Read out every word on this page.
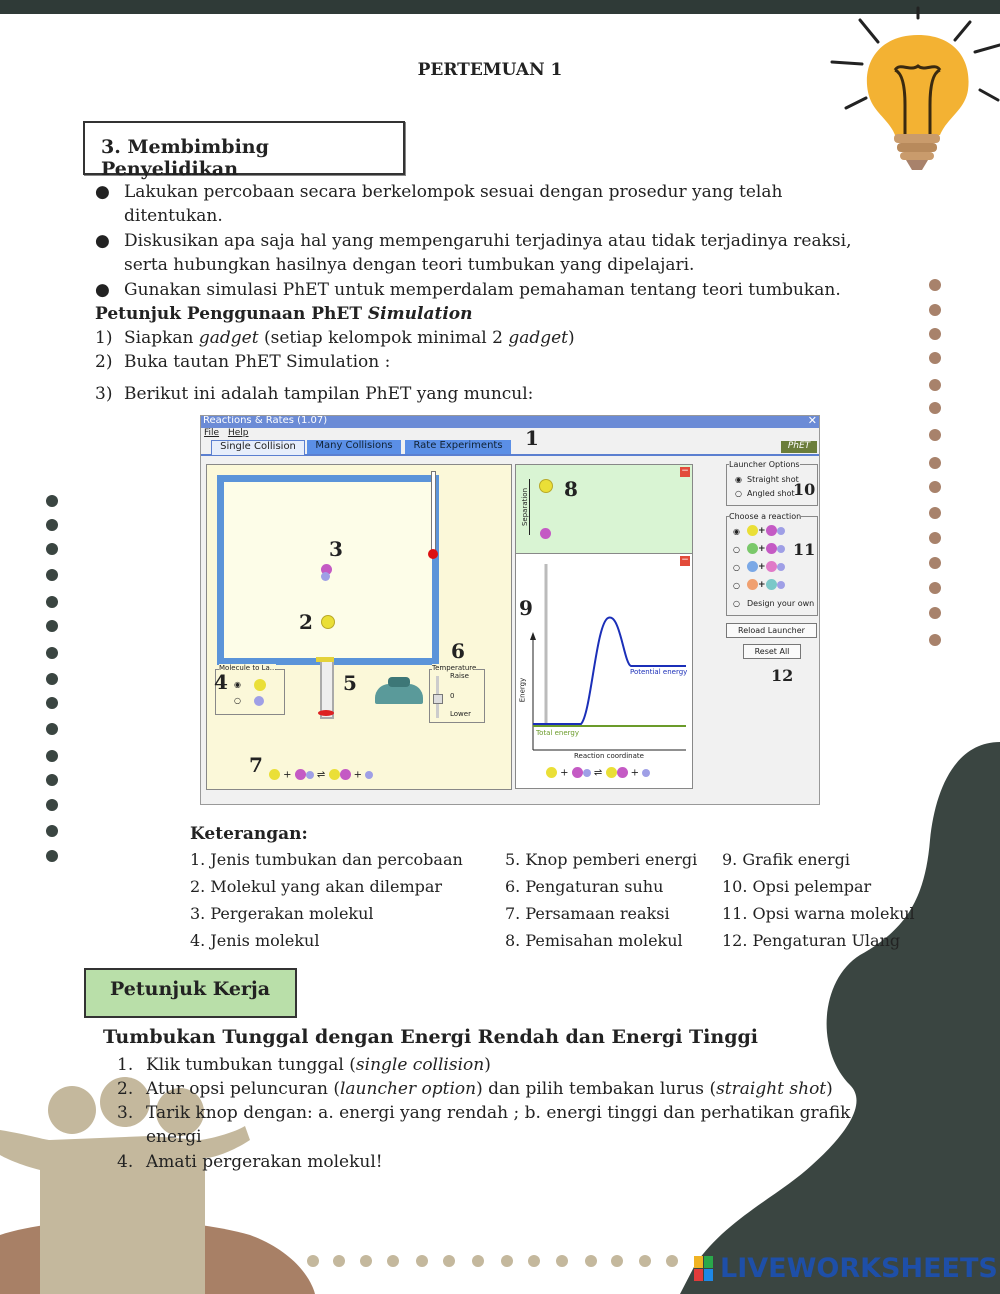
PERTEMUAN 1
3. Membimbing Penyelidikan
● Lakukan percobaan secara berkelompok sesuai dengan prosedur yang telah
ditentukan.
● Diskusikan apa saja hal yang mempengaruhi terjadinya atau tidak terjadinya reaksi,
serta hubungkan hasilnya dengan teori tumbukan yang dipelajari.
● Gunakan simulasi PhET untuk memperdalam pemahaman tentang teori tumbukan.
Petunjuk Penggunaan PhET Simulation
1) Siapkan gadget (setiap kelompok minimal 2 gadget)
2) Buka tautan PhET Simulation :
3) Berikut ini adalah tampilan PhET yang muncul:
Reactions & Rates (1.07)	✕
File Help
Single Collision	Many Collisions	Rate Experiments	PhET
1
3
2
Molecule to La...
◉
○
4	5
Temperature
Raise
0
Lower
6
7	+  ⇌  +
−
Separation 8
−
9
Energy
Potential energy
Total energy
Reaction coordinate
+  ⇌  +
Launcher Options
◉ Straight shot
○ Angled shot
10
Choose a reaction
◉	+
○	+
○	+
○	+
○ Design your own
11
Reload Launcher
Reset All
12
Keterangan:
1. Jenis tumbukan dan percobaan
2. Molekul yang akan dilempar
3. Pergerakan molekul
4. Jenis molekul
5. Knop pemberi energi
6. Pengaturan suhu
7. Persamaan reaksi
8. Pemisahan molekul
9. Grafik energi
10. Opsi pelempar
11. Opsi warna molekul
12. Pengaturan Ulang
Petunjuk Kerja
Tumbukan Tunggal dengan Energi Rendah dan Energi Tinggi
1. Klik tumbukan tunggal (single collision)
2. Atur opsi peluncuran (launcher option) dan pilih tembakan lurus (straight shot)
3. Tarik knop dengan: a. energi yang rendah ; b. energi tinggi dan perhatikan grafik
energi
4. Amati pergerakan molekul!
LIVEWORKSHEETS
